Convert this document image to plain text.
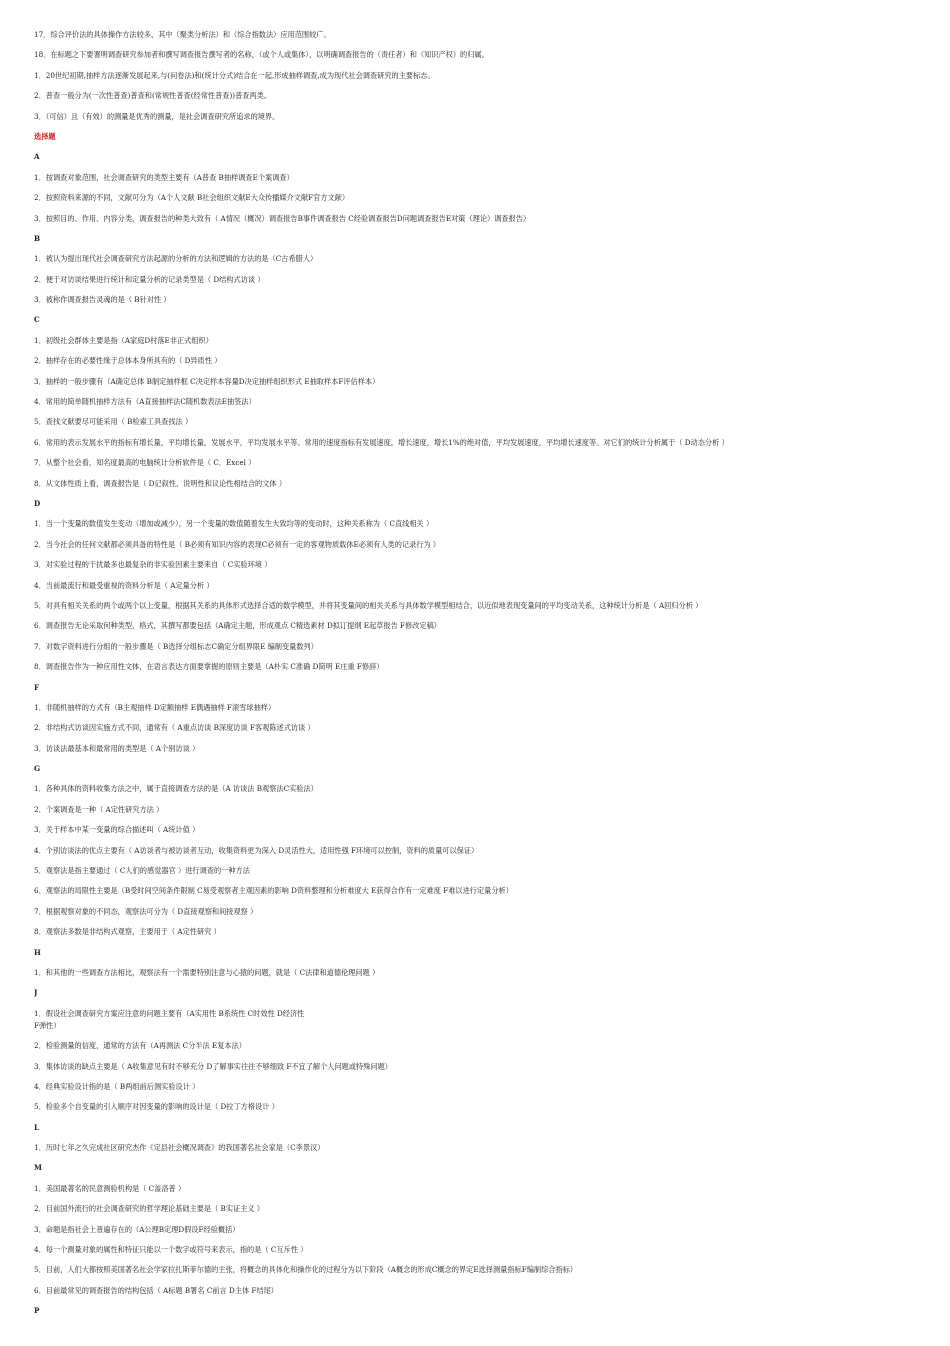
17．综合评价法的具体操作方法较多，其中（聚类分析法）和（综合指数法）应用范围较广。
18．在标题之下要署明调查研究参加者和撰写调查报告撰写者的名称，（或个人或集体），以明确调查报告的（责任者）和（知识产权）的归属。
1．20世纪初期,抽样方法逐渐发展起来,与(问卷法)和(统计分式)结合在一起,形成抽样调查,成为现代社会调查研究的主要标志。
2．普查一般分为(一次性普查)普查和(常规性普查(经常性普查))普查两类。
3．（可信）且（有效）的测量是优秀的测量，是社会调查研究所追求的境界。
选择题
A
1．按调查对象范围，社会调查研究的类型主要有（A普查 B抽样调查E个案调查）
2．按照资料来源的不同，文献可分为（A个人文献 B社会组织文献E大众传播媒介文献F官方文献）
3．按照目的、作用、内容分类，调查报告的种类大致有（ A情况（概况）调查报告B事件调查报告 C经验调查报告D问题调查报告E对策（理论）调查报告）
B
1．被认为提出现代社会调查研究方法起源的分析的方法和逻辑的方法的是（C古希腊人）
2．便于对访谈结果进行统计和定量分析的记录类型是（ D结构式访谈 ）
3．被称作调查报告灵魂的是（ B针对性 ）
C
1．初级社会群体主要是指（A家庭D村落E非正式组织）
2．抽样存在的必要性缘于总体本身所具有的（ D异质性 ）
3．抽样的一般步骤有（A确定总体 B制定抽样框 C决定样本容量D决定抽样组织形式 E抽取样本F评估样本）
4．常用的简单随机抽样方法有（A直接抽样法C随机数表法E抽签法）
5．查找文献要尽可能采用（ B检索工具查找法 ）
6．常用的表示发展水平的指标有增长量，平均增长量，发展水平，平均发展水平等。常用的速度指标有发展速度，增长速度，增长1%的绝对值，平均发展速度，平均增长速度等。对它们的统计分析属于（ D动态分析 ）
7．从整个社会看，知名度最高的电脑统计分析软件是（ C．Excel ）
8．从文体性质上看，调查报告是（ D记叙性、说明性和议论性相结合的文体 ）
D
1．当一个变量的数值发生变动（增加或减少），另一个变量的数值随着发生大致均等的变动时，这种关系称为（ C直线相关 ）
2．当今社会的任何文献都必须具备的特性是（ B必须有知识内容的表现C必须有一定的客观物质载体E必须有人类的记录行为 ）
3．对实验过程的干扰最多也最复杂的非实验因素主要来自（ C实验环境 ）
4．当前最流行和最受重视的资料分析是（ A定量分析 ）
5．对具有相关关系的两个或两个以上变量，根据其关系的具体形式选择合适的数学模型，并将其变量间的相关关系与具体数学模型相结合，以近似地表现变量间的平均变动关系，这种统计分析是（ A回归分析 ）
6．调查报告无论采取何种类型，格式，其撰写都要包括（A确定主题，形成观点 C精选素材 D拟订提纲 E起草报告 F修改定稿）
7．对数字资料进行分组的一般步骤是（ B选择分组标志C确定分组界限E 编制变量数列）
8．调查报告作为一种应用性文体，在语言表达方面要掌握的原则主要是（A朴实 C准确 D简明 E庄重 F修辞）
F
1．非随机抽样的方式有（B主观抽样 D定额抽样 E偶遇抽样 F滚雪球抽样）
2．非结构式访谈因实施方式不同，通常有（ A重点访谈 B深度访谈 F客观陈述式访谈 ）
3．访谈法最基本和最常用的类型是（ A个别访谈 ）
G
1．各种具体的资料收集方法之中，属于直接调查方法的是（A 访谈法 B观察法C实验法）
2．个案调查是一种（ A定性研究方法 ）
3．关于样本中某一变量的综合描述叫（ A统计值 ）
4．个别访谈法的优点主要有（ A访谈者与被访谈者互动，收集资料更为深入 D灵活性大，适用性强 F环境可以控制，资料的质量可以保证）
5．观察法是指主要通过（ C人们的感觉器官 ）进行调查的一种方法
6．观察法的局限性主要是（B受时间空间条件限制 C易受观察者主观因素的影响 D资料整理和分析难度大 E获得合作有一定难度 F难以进行定量分析）
7．根据观察对象的不同态，观察法可分为（ D直接观察和间接观察 ）
8．观察法多数是非结构式观察，主要用于（ A定性研究 ）
H
1．和其他的一些调查方法相比，观察法有一个需要特别注意与心猿的问题，就是（ C法律和道德伦理问题 ）
J
1．假设社会调查研究方案应注意的问题主要有（A实用性 B系统性 C时效性 D经济性
F弹性）
2．检验测量的信度，通常的方法有（A再测法 C分半法 E复本法）
3．集体访谈的缺点主要是（ A收集意见有时不够充分 D了解事实往往不够细致 F不宜了解个人问题或特殊问题）
4．经典实验设计指的是（ B两组前后测实验设计 ）
5．检验多个自变量的引入顺序对因变量的影响的设计是（ D拉丁方格设计 ）
L
1．历时七年之久完成社区研究杰作《定县社会概况调查》的我国著名社会家是（C李景汉）
M
1．美国最著名的民意测验机构是（ C盖洛普 ）
2．目前国外流行的社会调查研究的哲学理论基础主要是（ B实证主义 ）
3．命题是指社会上普遍存在的（A公理B定理D假设F经验概括）
4．每一个测量对象的属性和特征只能以一个数字或符号来表示，指的是（ C互斥性 ）
5．目前，人们大都按照美国著名社会学家拉扎斯菲尔德的主张，将概念的具体化和操作化的过程分为以下阶段（A概念的形成C概念的界定E选择测量指标F编制综合指标）
6．目前最常见的调查报告的结构包括（ A标题 B署名 C前言 D主体 F结尾）
P
